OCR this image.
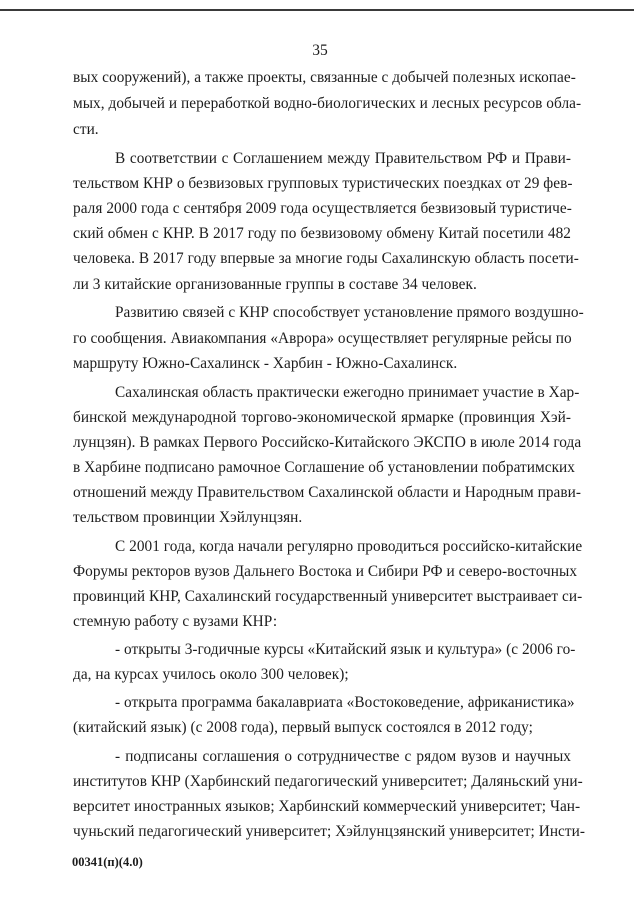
35
вых сооружений), а также проекты, связанные с добычей полезных ископае-
мых, добычей и переработкой водно-биологических и лесных ресурсов обла-
сти.
В соответствии с Соглашением между Правительством РФ и Прави-
тельством КНР о безвизовых групповых туристических поездках от 29 фев-
раля 2000 года с сентября 2009 года осуществляется безвизовый туристиче-
ский обмен с КНР. В 2017 году по безвизовому обмену Китай посетили 482
человека. В 2017 году впервые за многие годы Сахалинскую область посети-
ли 3 китайские организованные группы в составе 34 человек.
Развитию связей с КНР способствует установление прямого воздушно-
го сообщения. Авиакомпания «Аврора» осуществляет регулярные рейсы по
маршруту Южно-Сахалинск - Харбин - Южно-Сахалинск.
Сахалинская область практически ежегодно принимает участие в Хар-
бинской международной торгово-экономической ярмарке (провинция Хэй-
лунцзян). В рамках Первого Российско-Китайского ЭКСПО в июле 2014 года
в Харбине подписано рамочное Соглашение об установлении побратимских
отношений между Правительством Сахалинской области и Народным прави-
тельством провинции Хэйлунцзян.
С 2001 года, когда начали регулярно проводиться российско-китайские
Форумы ректоров вузов Дальнего Востока и Сибири РФ и северо-восточных
провинций КНР, Сахалинский государственный университет выстраивает си-
стемную работу с вузами КНР:
- открыты 3-годичные курсы «Китайский язык и культура» (с 2006 го-
да, на курсах училось около 300 человек);
- открыта программа бакалавриата «Востоковедение, африканистика»
(китайский язык) (с 2008 года), первый выпуск состоялся в 2012 году;
- подписаны соглашения о сотрудничестве с рядом вузов и научных
институтов КНР (Харбинский педагогический университет; Даляньский уни-
верситет иностранных языков; Харбинский коммерческий университет; Чан-
чуньский педагогический университет; Хэйлунцзянский университет; Инсти-
00341(п)(4.0)
